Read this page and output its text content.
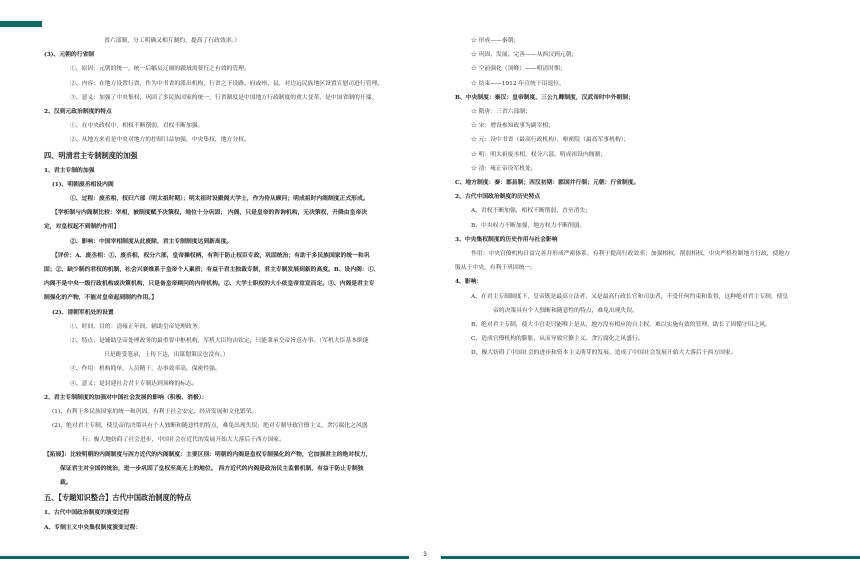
省六部制，分工明确又相互制约，提高了行政效率。）
(3)、元朝的行省制
①、原因：元朝的统一，统一后幅员辽阔的疆域需要行之有效的管理。
②、内容：在地方设置行省，作为中书省的派出机构，行省之下设路、府或州、县，对边远民族地区设置宣慰司进行管理。
③、意义：加强了中央集权，巩固了多民族国家的统一，行省制度是中国地方行政制度的重大变革，是中国省制的开端。
2、汉到元政治制度的特点
①、在中央政权中，相权不断削弱，君权不断加强。
②、从地方来看是中央对地方的控制日益加强，中央集权，地方分权。
四、明清君主专制制度的加强
1、君主专制的加强
(1)、明朝废丞相设内阁
①、过程：废丞相，权归六部（明太祖时期）；明太祖时设殿阁大学士，作为侍从顾问；明成祖时内阁制度正式形成。
【学析制与内阁制比较：宰相，被制度赋予决策权，地位十分巩固； 内阁，只是皇帝的咨询机构，无决策权，升降由皇帝决
定，对皇权起不到制约作用】
②、影响：中国宰相制度从此废除，君主专制制度达到新高度。
【评价：A、废丞相：①、废丞相，权分六部，皇帝操权柄，有利于防止权臣专政，巩固统治；有助于多民族国家的统一和巩
固；②、缺少制约君权的机制，社会兴衰维系于皇帝个人素质；有益于君主独裁专制，君主专制发展到新的高度。B、设内阁：①、
内阁不是中央一级行政机构或决策机构，只是备皇帝顾问的内侍机构。②、大学士职权的大小依皇帝宣宣而定。③、内阁是君主专
制强化的产物，不能对皇帝起到制约作用。】
(2)、清朝军机处的设置
①、时间、目的：清雍正年间，辅助皇帝处理政务。
②、特点：是辅助皇帝处理政务的最重要中枢机构，军机大臣均由钦定，只能秉承皇帝旨意办事。（军机大臣基本职能
只是跪受笔录，上传下达，出谋划策议也没有。）
③、作用：机构简单，人员精干，办事效率高，保密性强。
④、意义：是封建社会君主专制达到顶峰的标志。
2、君主专制制度的加强对中国社会发展的影响（积极、消极）：
(1)、有利于多民族国家的统一和巩固，有利于社会安定，经济发展和文化繁荣。
(2)、绝对君主专制，使皇帝的决策具有个人独断和随意性的特点，难免出现失误；绝对专制导致官僚主义、贪污腐化之风盛
行；极大地妨碍了社会进步，中国社会在近代的发展开始大大落后于西方国家。
【拓展】：比较明朝的内阁制度与西方近代的内阁制度：主要区别：明朝的内阁是皇权专制强化的产物，它加强君主的绝对权力，
保证君主对全国的统治，进一步巩固了皇权至高无上的地位。 西方近代的内阁是政治民主监督机制，有益于防止专制独
裁。
五、【专题知识整合】古代中国政治制度的特点
1、古代中国政治制度的演变过程
A、专制主义中央集权制度演变过程：
☆ 形成——秦朝；
☆ 巩固、发展、完善——从西汉到元朝；
☆ 空前强化（顶峰）——明清时期；
☆ 结束——1912 年宣统下诏退位。
B、中央制度：秦汉：皇帝制度，三公九卿制度，汉武帝时中外朝制；
☆ 隋唐：三省六部制；
☆ 宋：增设参知政事为副宰相；
☆ 元：设中书省（最高行政机构），枢密院（最高军事机构）；
☆ 明：明太祖废丞相，权分六部，明成祖设内阁制；
☆ 清：雍正帝设军机处。
C、地方制度：秦：郡县制；西汉初期：郡国并行制；元朝：行省制度。
2、古代中国政治制度的历史特点
A、君权不断加强，相权不断削弱，直至消失；
B、中央权力不断加强，地方权力不断削弱。
3、中央集权制度的历史作用与社会影响
作用：中央官僚机构日益完善并形成严密体系，有利于提高行政效率；加强相权，削弱相权，中央严格控制地方行政，使地方
服从于中央，有利于巩固统一。
4、影响：
A、在君主专制制度下，皇帝既是最高立法者，又是最高行政长官和司法者，不受任何约束和监督，这种绝对君主专制，使皇
帝的决策具有个人独断和随意性的特点，难免出现失误。
B、绝对君主专制，使大小官吏只能唯上是从，地方没有相应的自主权，难以实施有效的管理，助长了因循守旧之风。
C、造成官僚机构的膨胀，从而导致官僚主义、贪污腐化之风盛行。
D、极大妨碍了中国社会的进步和资本主义萌芽的发展，造成了中国社会发展开始大大落后于西方国家。
3
